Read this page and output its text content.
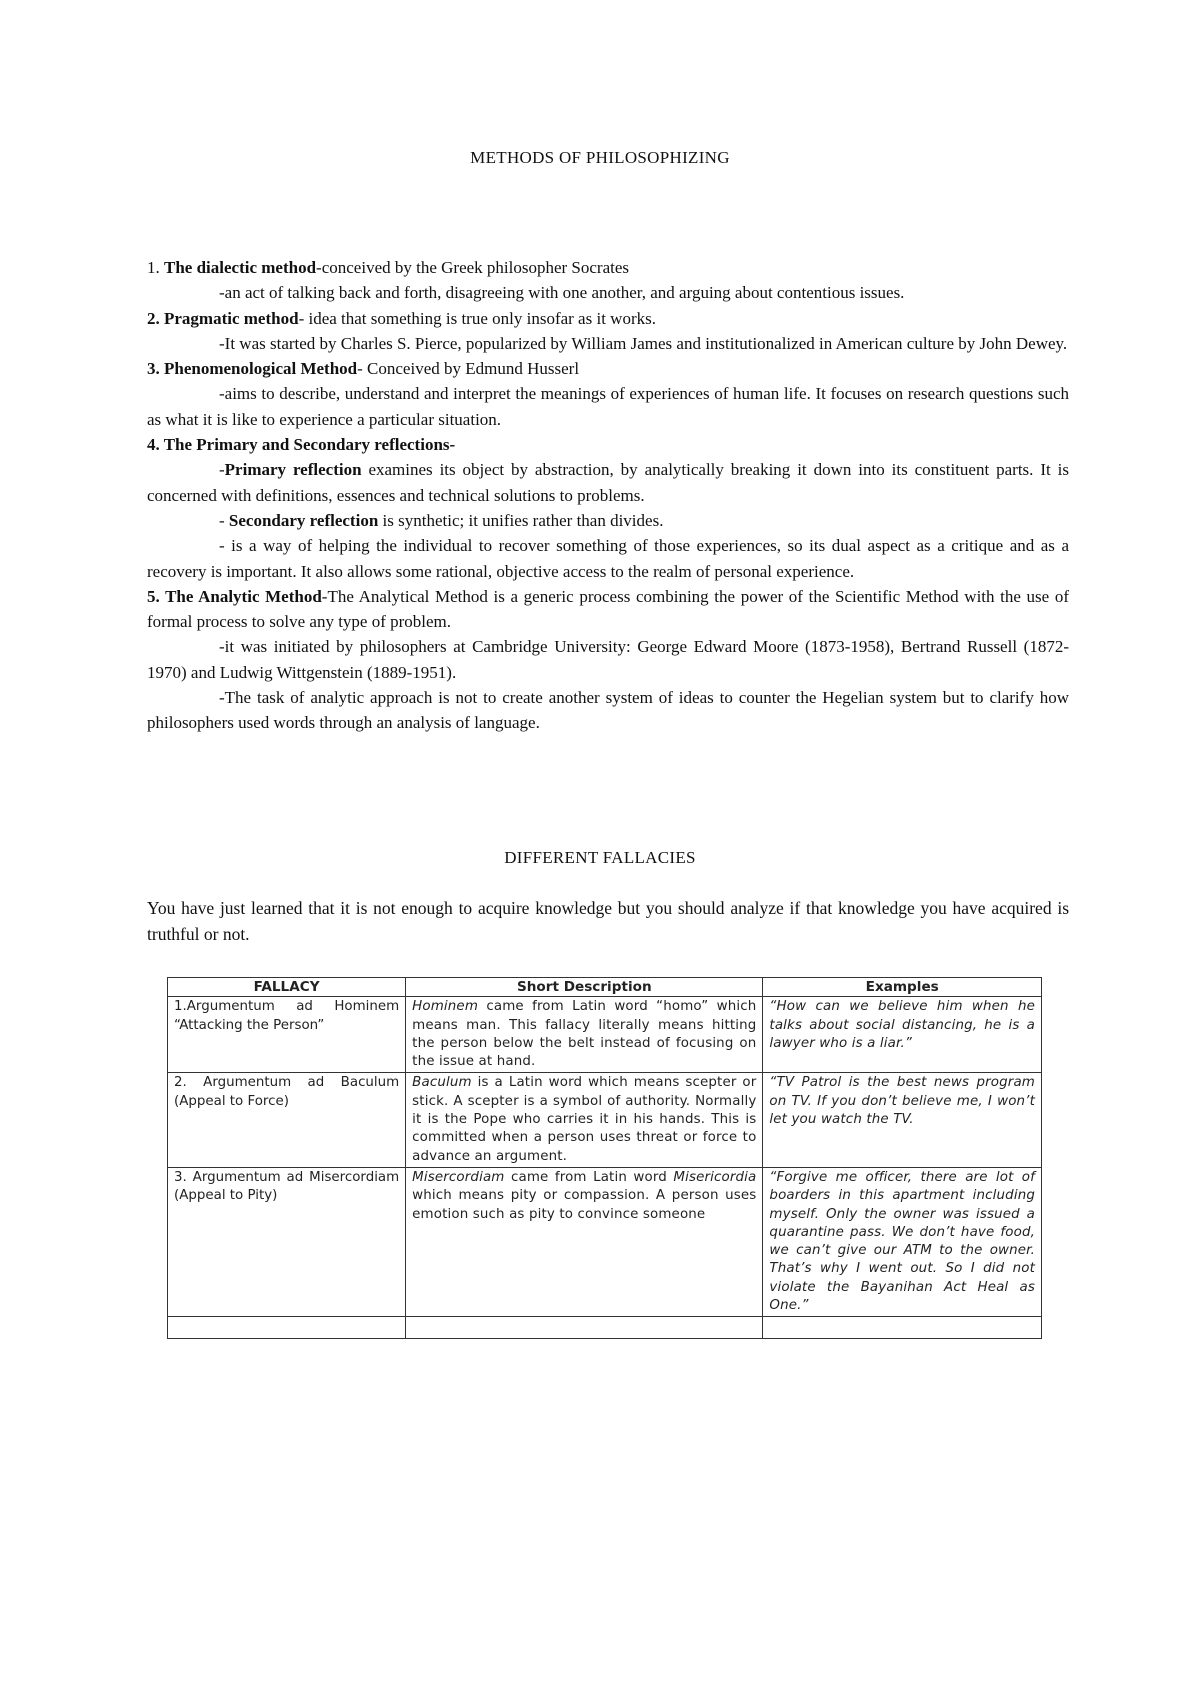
METHODS OF PHILOSOPHIZING

1. The dialectic method-conceived by the Greek philosopher Socrates

-an act of talking back and forth, disagreeing with one another, and arguing about contentious issues.

2. Pragmatic method- idea that something is true only insofar as it works.

-It was started by Charles S. Pierce, popularized by William James and institutionalized in American culture by John Dewey.

3. Phenomenological Method- Conceived by Edmund Husserl

-aims to describe, understand and interpret the meanings of experiences of human life. It focuses on research questions such as what it is like to experience a particular situation.

4. The Primary and Secondary reflections-

-Primary reflection examines its object by abstraction, by analytically breaking it down into its constituent parts. It is concerned with definitions, essences and technical solutions to problems.

- Secondary reflection is synthetic; it unifies rather than divides.

- is a way of helping the individual to recover something of those experiences, so its dual aspect as a critique and as a recovery is important. It also allows some rational, objective access to the realm of personal experience.

5. The Analytic Method-The Analytical Method is a generic process combining the power of the Scientific Method with the use of formal process to solve any type of problem.

-it was initiated by philosophers at Cambridge University: George Edward Moore (1873-1958), Bertrand Russell (1872-1970) and Ludwig Wittgenstein (1889-1951).

-The task of analytic approach is not to create another system of ideas to counter the Hegelian system but to clarify how philosophers used words through an analysis of language.

DIFFERENT FALLACIES

You have just learned that it is not enough to acquire knowledge but you should analyze if that knowledge you have acquired is truthful or not.

FALLACY	Short Description	Examples
1.Argumentum ad Hominem “Attacking the Person”	Hominem came from Latin word “homo” which means man. This fallacy literally means hitting the person below the belt instead of focusing on the issue at hand.	“How can we believe him when he talks about social distancing, he is a lawyer who is a liar.”
2. Argumentum ad Baculum (Appeal to Force)	Baculum is a Latin word which means scepter or stick. A scepter is a symbol of authority. Normally it is the Pope who carries it in his hands. This is committed when a person uses threat or force to advance an argument.	“TV Patrol is the best news program on TV. If you don’t believe me, I won’t let you watch the TV.
3. Argumentum ad Misercordiam (Appeal to Pity)	Misercordiam came from Latin word Misericordia which means pity or compassion. A person uses emotion such as pity to convince someone	“Forgive me officer, there are lot of boarders in this apartment including myself. Only the owner was issued a quarantine pass. We don’t have food, we can’t give our ATM to the owner. That’s why I went out. So I did not violate the Bayanihan Act Heal as One.”
